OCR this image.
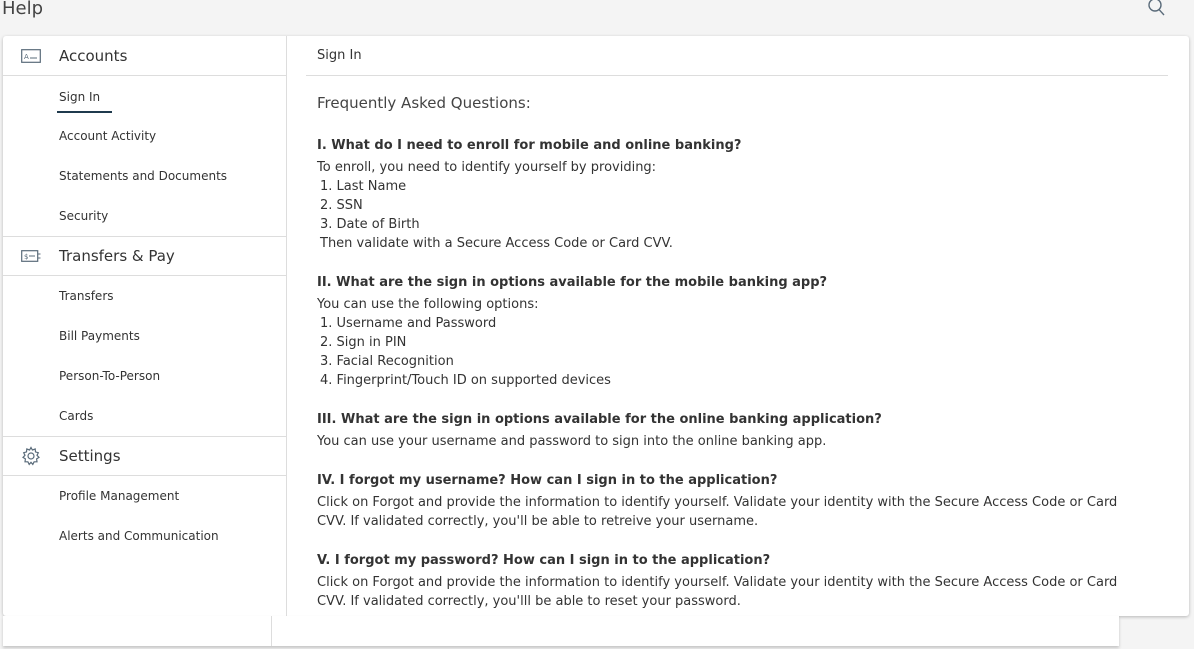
Help
A Accounts
Sign In
Account Activity
Statements and Documents
Security
$ Transfers & Pay
Transfers
Bill Payments
Person-To-Person
Cards
Settings
Profile Management
Alerts and Communication
Sign In
Frequently Asked Questions:
I. What do I need to enroll for mobile and online banking?
To enroll, you need to identify yourself by providing:
1. Last Name
2. SSN
3. Date of Birth
Then validate with a Secure Access Code or Card CVV.
II. What are the sign in options available for the mobile banking app?
You can use the following options:
1. Username and Password
2. Sign in PIN
3. Facial Recognition
4. Fingerprint/Touch ID on supported devices
III. What are the sign in options available for the online banking application?
You can use your username and password to sign into the online banking app.
IV. I forgot my username? How can I sign in to the application?
Click on Forgot and provide the information to identify yourself. Validate your identity with the Secure Access Code or Card CVV. If validated correctly, you'll be able to retreive your username.
V. I forgot my password? How can I sign in to the application?
Click on Forgot and provide the information to identify yourself. Validate your identity with the Secure Access Code or Card CVV. If validated correctly, you'lll be able to reset your password.
